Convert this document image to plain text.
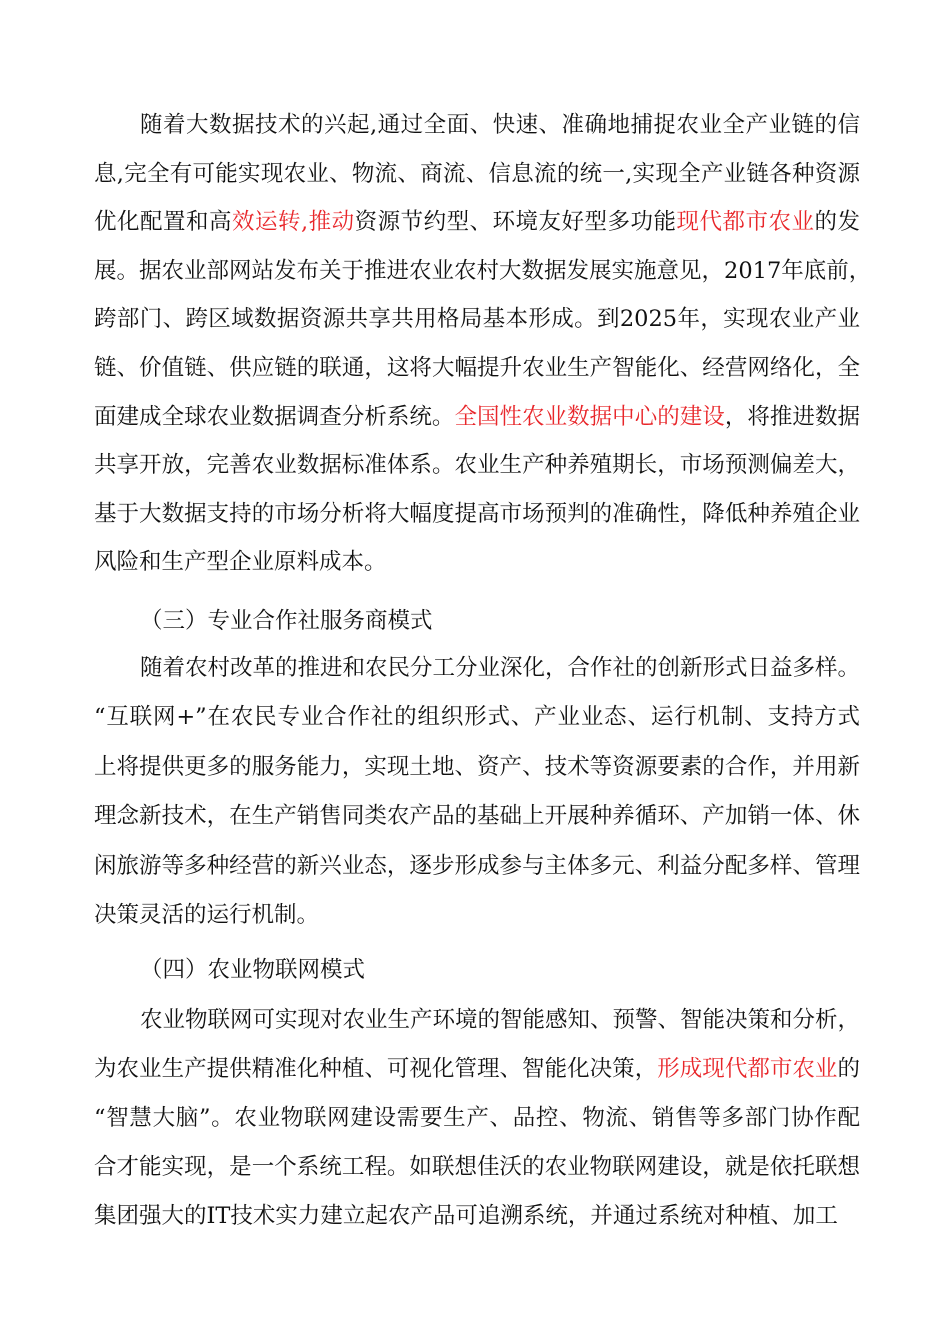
随着大数据技术的兴起,通过全面、快速、准确地捕捉农业全产业链的信
息,完全有可能实现农业、物流、商流、信息流的统一,实现全产业链各种资源
优化配置和高效运转,推动资源节约型、环境友好型多功能现代都市农业的发
展。据农业部网站发布关于推进农业农村大数据发展实施意见，2017年底前，
跨部门、跨区域数据资源共享共用格局基本形成。到2025年，实现农业产业
链、价值链、供应链的联通，这将大幅提升农业生产智能化、经营网络化，全
面建成全球农业数据调查分析系统。全国性农业数据中心的建设，将推进数据
共享开放，完善农业数据标准体系。农业生产种养殖期长，市场预测偏差大，
基于大数据支持的市场分析将大幅度提高市场预判的准确性，降低种养殖企业
风险和生产型企业原料成本。
（三）专业合作社服务商模式
随着农村改革的推进和农民分工分业深化，合作社的创新形式日益多样。
“互联网+”在农民专业合作社的组织形式、产业业态、运行机制、支持方式
上将提供更多的服务能力，实现土地、资产、技术等资源要素的合作，并用新
理念新技术，在生产销售同类农产品的基础上开展种养循环、产加销一体、休
闲旅游等多种经营的新兴业态，逐步形成参与主体多元、利益分配多样、管理
决策灵活的运行机制。
（四）农业物联网模式
农业物联网可实现对农业生产环境的智能感知、预警、智能决策和分析，
为农业生产提供精准化种植、可视化管理、智能化决策，形成现代都市农业的
“智慧大脑”。农业物联网建设需要生产、品控、物流、销售等多部门协作配
合才能实现，是一个系统工程。如联想佳沃的农业物联网建设，就是依托联想
集团强大的IT技术实力建立起农产品可追溯系统，并通过系统对种植、加工
